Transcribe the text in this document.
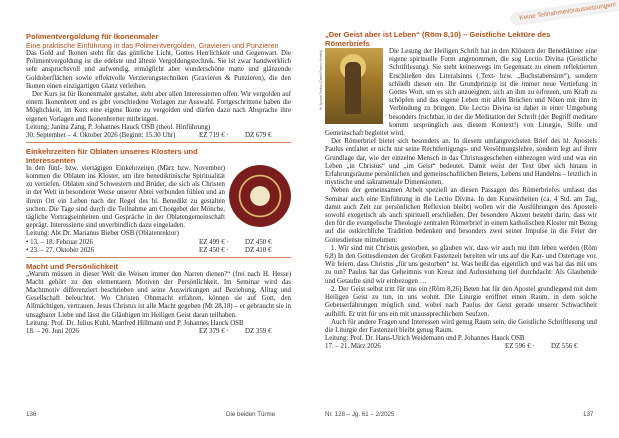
Polimentvergoldung für Ikonenmaler
Eine praktische Einführung in das Polimentvergolden, Gravieren und Punzieren

Das Gold auf Ikonen steht für das göttliche Licht, Gottes Herrlichkeit und Gegenwart. Die Polimentvergoldung ist die edelste und älteste Vergoldungstechnik. Sie ist zwar handwerklich sehr anspruchsvoll und aufwendig, ermöglicht aber wunderschöne matte und glänzende Goldoberflächen sowie effektvolle Verzierungstechniken (Gravieren & Punzieren), die den Ikonen einen einzigartigen Glanz verleihen.

Der Kurs ist für Ikonenmaler gestaltet, steht aber allen Interessierten offen. Wir vergolden auf einem Ikonenbrett und es gibt verschiedene Vorlagen zur Auswahl. Fortgeschrittene haben die Möglichkeit, im Kurs eine eigene Ikone zu vergolden und dürfen dazu nach Absprache ihre eigenen Vorlagen und Ikonenbretter mitbringen.

Leitung: Janina Zang, P. Johannes Hauck OSB (theol. Hinführung)

30. September – 4. Oktober 2026 (Beginn: 15.30 Uhr)	EZ 719 € ·	DZ 679 €
Einkehrzeiten für Oblaten unseres Klosters und Interessenten

In den fünf- bzw. viertägigen Einkehrzeiten (März bzw. November) kommen die Oblaten ins Kloster, um ihre benediktinische Spiritualität zu vertiefen. Oblaten sind Schwestern und Brüder, die sich als Christen in der Welt in besonderer Weise unserer Abtei verbunden fühlen und an ihrem Ort ein Leben nach der Regel des hl. Benedikt zu gestalten suchen. Die Tage sind durch die Teilnahme am Chorgebet der Mönche, tägliche Vortragseinheiten und Gespräche in der Oblatengemeinschaft geprägt. Interessierte sind unverbindlich dazu eingeladen.

Leitung: Abt Dr. Marianus Bieber OSB (Oblatenrektor)

• 13. – 18. Februar 2026	EZ 499 € ·	DZ 450 €
• 23. – 27. Oktober 2026	EZ 450 € ·	DZ 410 €
Macht und Persönlichkeit

„Warum müssen in dieser Welt die Weisen immer den Narren dienen?“ (frei nach H. Hesse) Macht gehört zu den elementaren Motiven der Persönlichkeit. Im Seminar wird das Machtmotiv differenziert beschrieben und seine Auswirkungen auf Beziehung, Alltag und Gesellschaft beleuchtet. Wo Christen Ohnmacht erfahren, können sie auf Gott, den Allmächtigen, vertrauen. Jesus Christus ist alle Macht gegeben (Mt 28,18) – er gebraucht sie in unsagbarer Liebe und lässt die Gläubigen im Heiligen Geist daran teilhaben.

Leitung: Prof. Dr. Julius Kuhl, Manfred Hillmann und P. Johannes Hauck OSB

18. – 20. Juni 2026	EZ 379 € ·	DZ 359 €
136	Die beiden Türme
Keine Teilnahmevoraussetzungen!
„Der Geist aber ist Leben“ (Röm 8,10) – Geistliche Lektüre des Römerbriefs
Hl. Apostel Paulus (Castel Franco Venetia)	Die Lesung der Heiligen Schrift hat in den Klöstern der Benediktiner eine eigene spirituelle Form angenommen, die sog Lectio Divina (Geistliche Schriftlesung). Sie steht keineswegs im Gegensatz zu einem reflektierten Erschließen des Literalsinns (‚Text- bzw. „Buchstabensinn“), sondern schließt diesen ein. Ihr Grundprinzip ist die immer neue Vertiefung in Gottes Wort, um es sich anzueignen, sich an ihm zu erfreuen, um Kraft zu schöpfen und das eigene Leben mit allen Brüchen und Nöten mit ihm in Verbindung zu bringen. Die Lectio Divina ist daher in einer Umgebung besonders fruchtbar, in der die Meditation der Schrift (der Begriff meditare kommt ursprünglich aus diesem Kontext!) von Liturgie, Stille und Gemeinschaft begleitet wird.

Der Römerbrief bietet sich besonders an. In diesem umfangreichsten Brief des hl. Apostels Paulus entfaltet er nicht nur seine Rechtfertigungs- und Versöhnungslehre, sondern legt auf ihrer Grundlage dar, wie der einzelne Mensch in das Christusgeschehen einbezogen wird und was ein Leben „in Christus“ und „im Geist“ bedeutet. Damit weist der Text über sich hinaus in Erfahrungsräume persönlichen und gemeinschaftlichen Betens, Lebens und Handelns – letztlich in mystische und sakramentale Dimensionen.

Neben der gemeinsamen Arbeit speziell an diesen Passagen des Römerbriefes umfasst das Seminar auch eine Einführung in die Lectio Divina. In den Kurseinheiten (ca. 4 Std. am Tag, damit auch Zeit zur persönlichen Reflexion bleibt) wollen wir die Ausführungen des Apostels sowohl exegetisch als auch spirituell erschließen. Der besondere Akzent besteht darin, dass wir den für die evangelische Theologie zentralen Römerbrief in einem katholischen Kloster mit Bezug auf die ostkirchliche Tradition bedenken und besonders zwei seiner Impulse in die Feier der Gottesdienste mitnehmen:

1. Wir sind mit Christus gestorben, so glauben wir, dass wir auch mit ihm leben werden (Röm 6,8) In den Gottesdiensten der Großen Fastenzeit bereiten wir uns auf die Kar- und Ostertage vor. Wir feiern, dass Christus „für uns gestorben“ ist. Was heißt das eigentlich und was hat das mit uns zu tun? Paulus hat das Geheimnis von Kreuz und Auferstehung tief durchdacht: Als Glaubende und Getaufte sind wir einbezogen …

2. Der Geist selbst tritt für uns ein (Röm 8,26) Beten hat für den Apostel grundlegend mit dem Heiligen Geist zu tun, in uns wohnt. Die Liturgie eröffnet einen Raum, in dem solche Gebetserfahrungen möglich sind, wobei nach Paulus der Geist gerade unserer Schwachheit aufhilft. Er tritt für uns ein mit unaussprechlichem Seufzen.

Auch für andere Fragen und Interessen wird genug Raum sein, die Geistliche Schriftlesung und die Liturgie der Fastenzeit bleibt genug Raum.

Leitung: Prof. Dr. Hans-Ulrich Weidemann und P. Johannes Hauck OSB

17. – 21. März 2026	EZ 596 € ·	DZ 556 €
Nr. 128 – Jg. 61 – 2/2025	137
